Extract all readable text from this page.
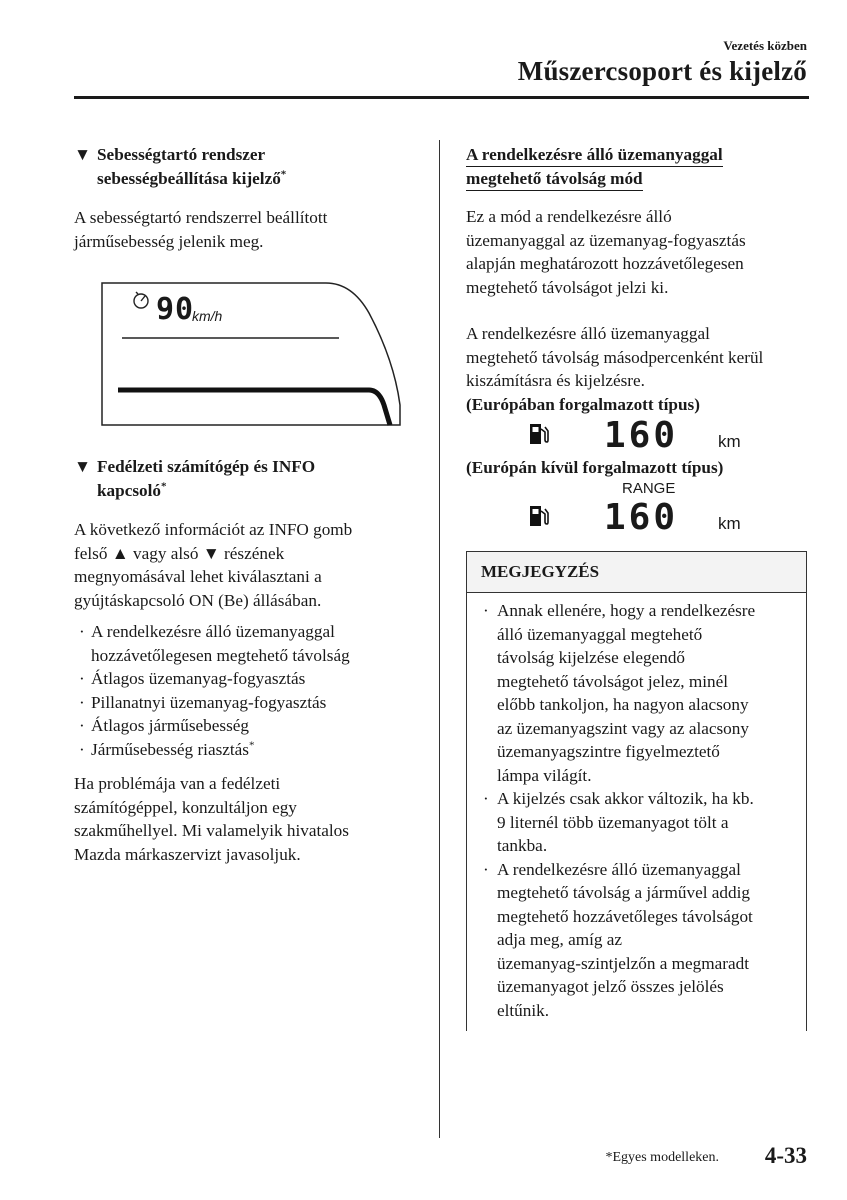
Vezetés közben
Műszercsoport és kijelző
▼ Sebességtartó rendszer
sebességbeállítása kijelző*

A sebességtartó rendszerrel beállított
járműsebesség jelenik meg.

90
km/h
▼ Fedélzeti számítógép és INFO
kapcsoló*

A következő információt az INFO gomb
felső ▲ vagy alsó ▼ részének
megnyomásával lehet kiválasztani a
gyújtáskapcsoló ON (Be) állásában.

· A rendelkezésre álló üzemanyaggal
hozzávetőlegesen megtehető távolság
· Átlagos üzemanyag-fogyasztás
· Pillanatnyi üzemanyag-fogyasztás
· Átlagos járműsebesség
· Járműsebesség riasztás*

Ha problémája van a fedélzeti
számítógéppel, konzultáljon egy
szakműhellyel. Mi valamelyik hivatalos
Mazda márkaszervizt javasoljuk.

A rendelkezésre álló üzemanyaggal
megtehető távolság mód

Ez a mód a rendelkezésre álló
üzemanyaggal az üzemanyag-fogyasztás
alapján meghatározott hozzávetőlegesen
megtehető távolságot jelzi ki.

A rendelkezésre álló üzemanyaggal
megtehető távolság másodpercenként kerül
kiszámításra és kijelzésre.

(Európában forgalmazott típus)

160 km

(Európán kívül forgalmazott típus)

RANGE
160 km
MEGJEGYZÉS
· Annak ellenére, hogy a rendelkezésre
álló üzemanyaggal megtehető
távolság kijelzése elegendő
megtehető távolságot jelez, minél
előbb tankoljon, ha nagyon alacsony
az üzemanyagszint vagy az alacsony
üzemanyagszintre figyelmeztető
lámpa világít.
· A kijelzés csak akkor változik, ha kb.
9 liternél több üzemanyagot tölt a
tankba.
· A rendelkezésre álló üzemanyaggal
megtehető távolság a járművel addig
megtehető hozzávetőleges távolságot
adja meg, amíg az
üzemanyag-szintjelzőn a megmaradt
üzemanyagot jelző összes jelölés
eltűnik.
*Egyes modelleken. 4-33
